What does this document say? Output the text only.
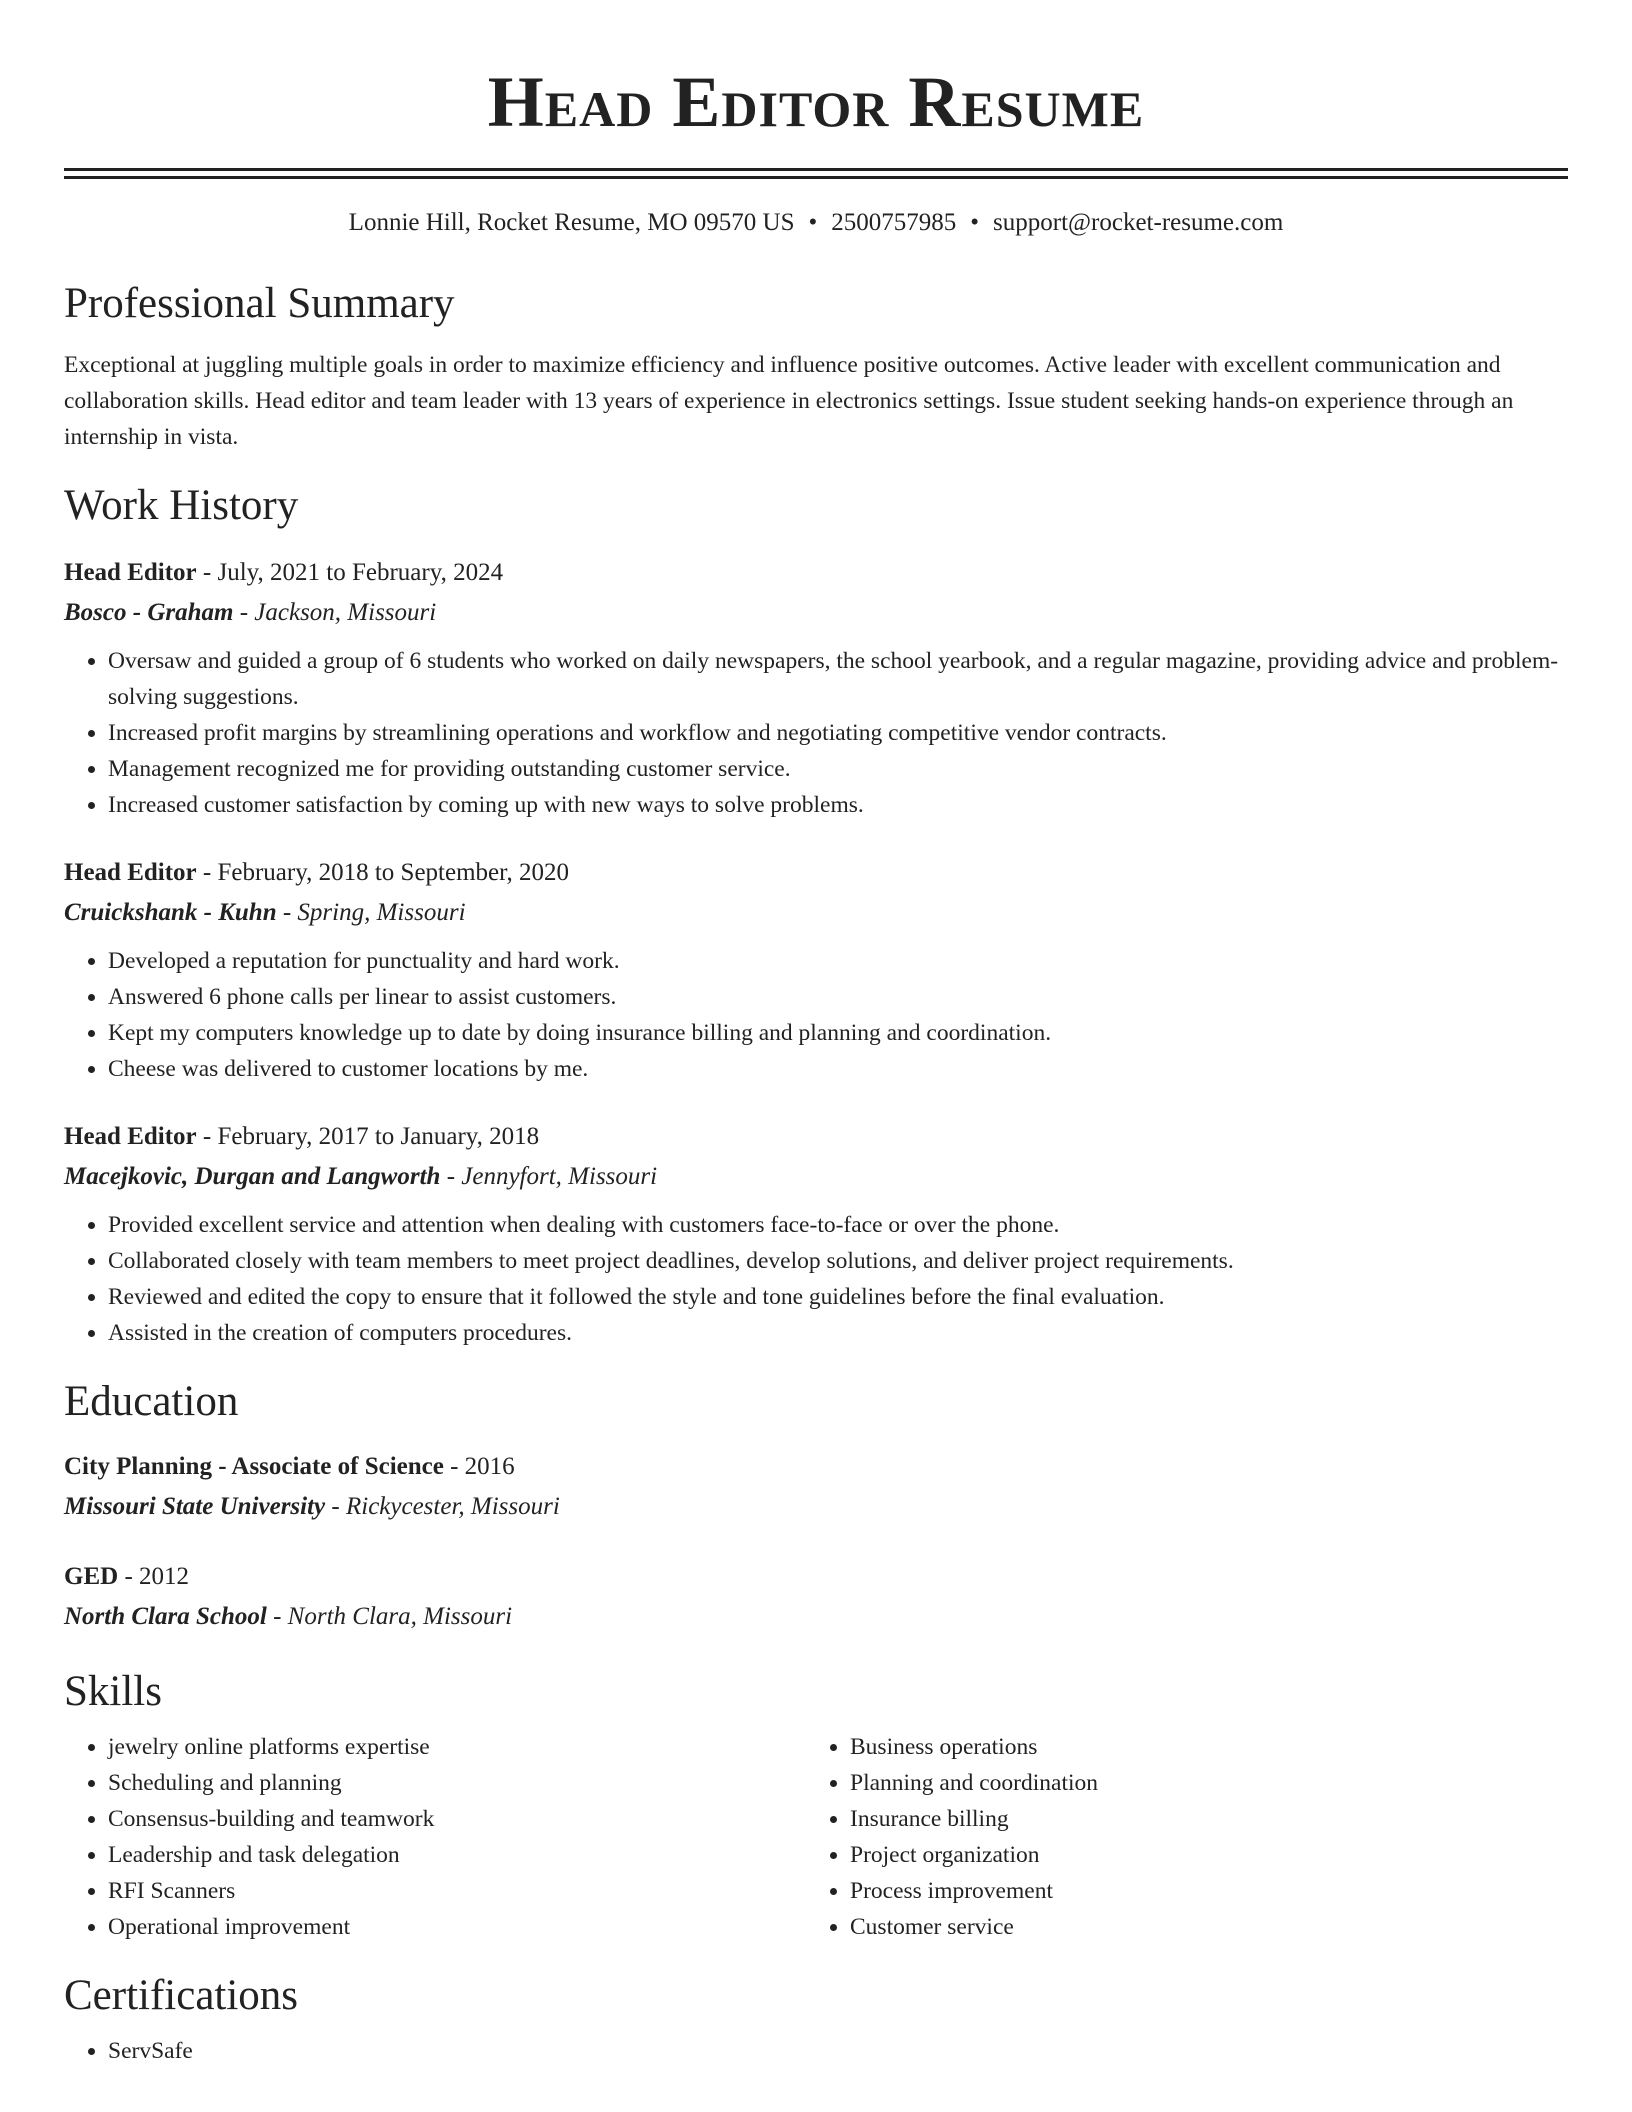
Head Editor Resume
Lonnie Hill, Rocket Resume, MO 09570 US • 2500757985 • support@rocket-resume.com
Professional Summary
Exceptional at juggling multiple goals in order to maximize efficiency and influence positive outcomes. Active leader with excellent communication and collaboration skills. Head editor and team leader with 13 years of experience in electronics settings. Issue student seeking hands-on experience through an internship in vista.
Work History
Head Editor - July, 2021 to February, 2024
Bosco - Graham - Jackson, Missouri
• Oversaw and guided a group of 6 students who worked on daily newspapers, the school yearbook, and a regular magazine, providing advice and problem-solving suggestions.
• Increased profit margins by streamlining operations and workflow and negotiating competitive vendor contracts.
• Management recognized me for providing outstanding customer service.
• Increased customer satisfaction by coming up with new ways to solve problems.
Head Editor - February, 2018 to September, 2020
Cruickshank - Kuhn - Spring, Missouri
• Developed a reputation for punctuality and hard work.
• Answered 6 phone calls per linear to assist customers.
• Kept my computers knowledge up to date by doing insurance billing and planning and coordination.
• Cheese was delivered to customer locations by me.
Head Editor - February, 2017 to January, 2018
Macejkovic, Durgan and Langworth - Jennyfort, Missouri
• Provided excellent service and attention when dealing with customers face-to-face or over the phone.
• Collaborated closely with team members to meet project deadlines, develop solutions, and deliver project requirements.
• Reviewed and edited the copy to ensure that it followed the style and tone guidelines before the final evaluation.
• Assisted in the creation of computers procedures.
Education
City Planning - Associate of Science - 2016
Missouri State University - Rickycester, Missouri
GED - 2012
North Clara School - North Clara, Missouri
Skills
• jewelry online platforms expertise
• Scheduling and planning
• Consensus-building and teamwork
• Leadership and task delegation
• RFI Scanners
• Operational improvement
• Business operations
• Planning and coordination
• Insurance billing
• Project organization
• Process improvement
• Customer service
Certifications
• ServSafe
